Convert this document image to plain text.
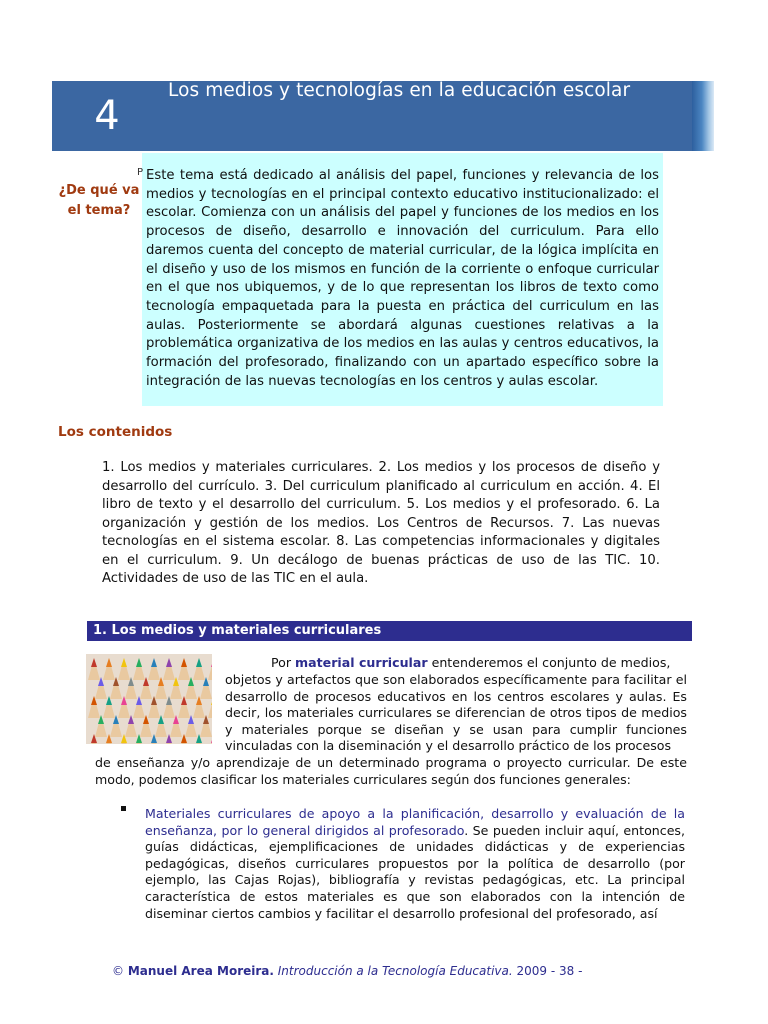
4
Los medios y tecnologías en la educación escolar
¿De qué va el tema?
P Este tema está dedicado al análisis del papel, funciones y relevancia de los medios y tecnologías en el principal contexto educativo institucionalizado: el escolar. Comienza con un análisis del papel y funciones de los medios en los procesos de diseño, desarrollo e innovación del curriculum. Para ello daremos cuenta del concepto de material curricular, de la lógica implícita en el diseño y uso de los mismos en función de la corriente o enfoque curricular en el que nos ubiquemos, y de lo que representan los libros de texto como tecnología empaquetada para la puesta en práctica del curriculum en las aulas. Posteriormente se abordará algunas cuestiones relativas a la problemática organizativa de los medios en las aulas y centros educativos, la formación del profesorado, finalizando con un apartado específico sobre la integración de las nuevas tecnologías en los centros y aulas escolar.
Los contenidos
1. Los medios y materiales curriculares. 2. Los medios y los procesos de diseño y desarrollo del currículo. 3. Del curriculum planificado al curriculum en acción. 4. El libro de texto y el desarrollo del curriculum. 5. Los medios y el profesorado. 6. La organización y gestión de los medios. Los Centros de Recursos. 7. Las nuevas tecnologías en el sistema escolar. 8. Las competencias informacionales y digitales en el curriculum. 9. Un decálogo de buenas prácticas de uso de las TIC. 10. Actividades de uso de las TIC en el aula.
1. Los medios y materiales curriculares
Por material curricular entenderemos el conjunto de medios,
objetos y artefactos que son elaborados específicamente para facilitar el desarrollo de procesos educativos en los centros escolares y aulas. Es decir, los materiales curriculares se diferencian de otros tipos de medios y materiales porque se diseñan y se usan para cumplir funciones vinculadas con la diseminación y el desarrollo práctico de los procesos
de enseñanza y/o aprendizaje de un determinado programa o proyecto curricular. De este modo, podemos clasificar los materiales curriculares según dos funciones generales:
Materiales curriculares de apoyo a la planificación, desarrollo y evaluación de la enseñanza, por lo general dirigidos al profesorado. Se pueden incluir aquí, entonces, guías didácticas, ejemplificaciones de unidades didácticas y de experiencias pedagógicas, diseños curriculares propuestos por la política de desarrollo (por ejemplo, las Cajas Rojas), bibliografía y revistas pedagógicas, etc. La principal característica de estos materiales es que son elaborados con la intención de diseminar ciertos cambios y facilitar el desarrollo profesional del profesorado, así
© Manuel Area Moreira. Introducción a la Tecnología Educativa. 2009 - 38 -
